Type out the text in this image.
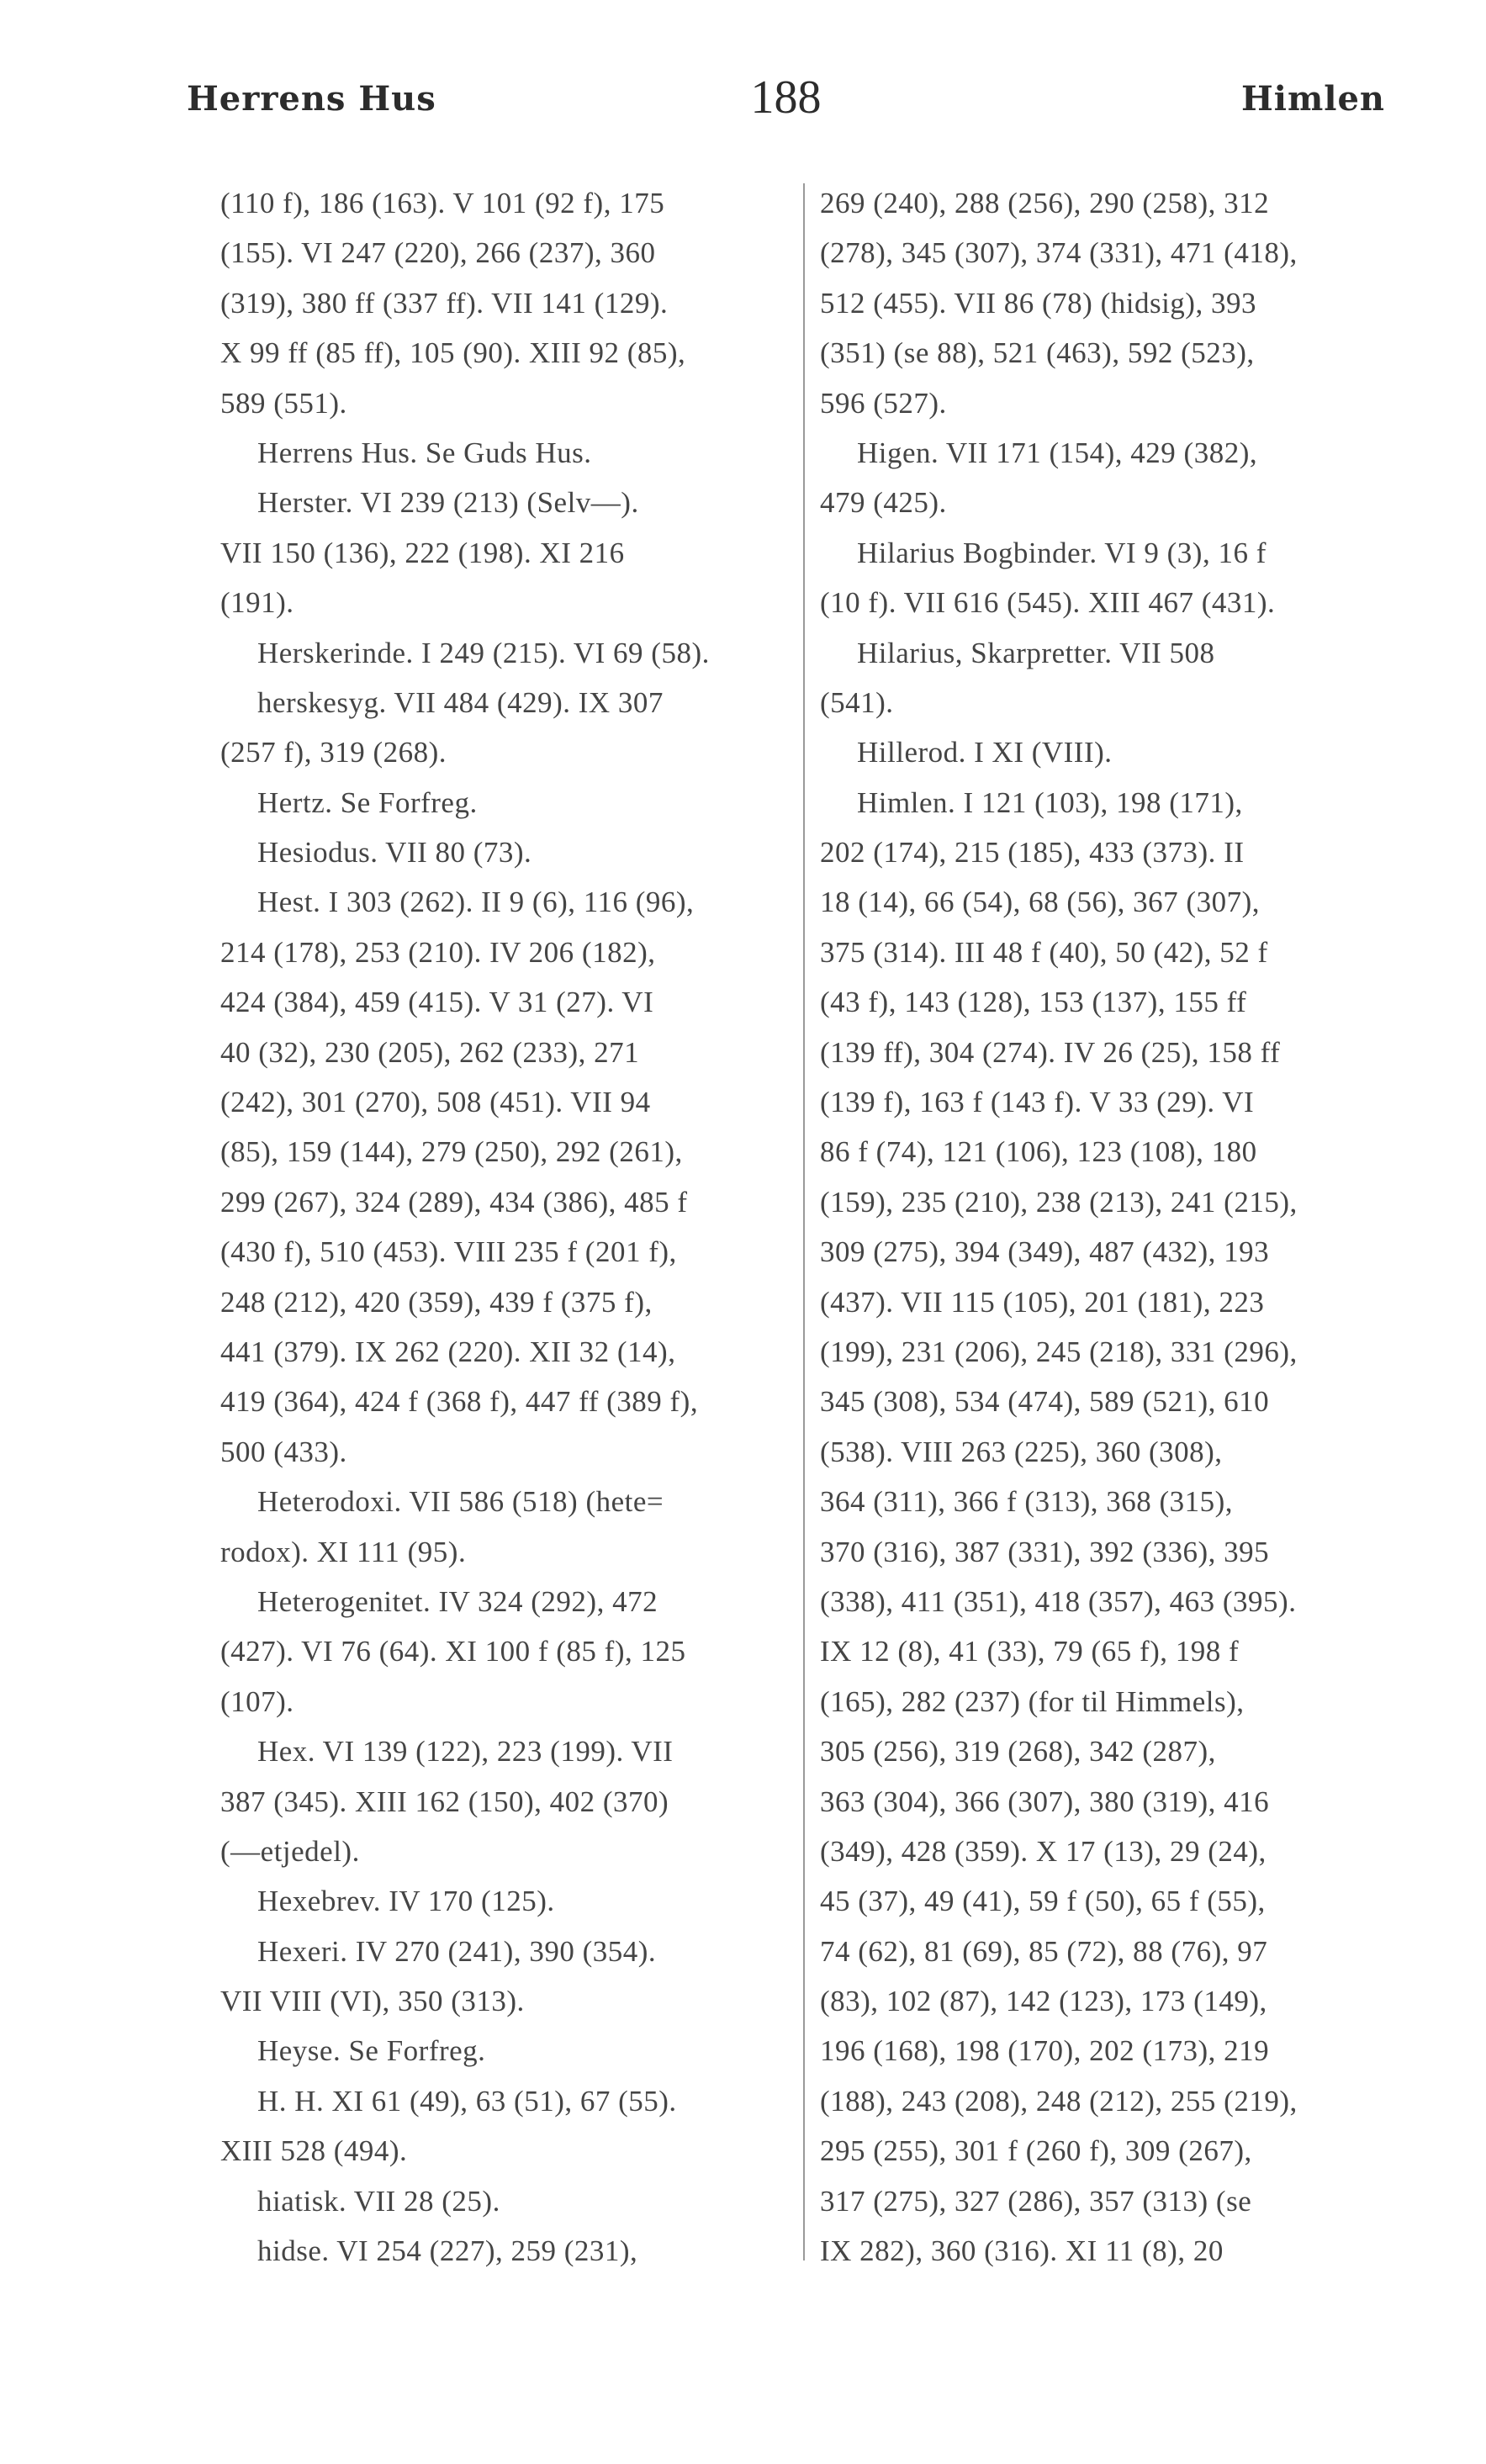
Herrens Hus	188	Himlen
(110 f), 186 (163). V 101 (92 f), 175
(155). VI 247 (220), 266 (237), 360
(319), 380 ff (337 ff). VII 141 (129).
X 99 ff (85 ff), 105 (90). XIII 92 (85),
589 (551).
Herrens Hus. Se Guds Hus.
Herster. VI 239 (213) (Selv—).
VII 150 (136), 222 (198). XI 216
(191).
Herskerinde. I 249 (215). VI 69 (58).
herskesyg. VII 484 (429). IX 307
(257 f), 319 (268).
Hertz. Se Forfreg.
Hesiodus. VII 80 (73).
Hest. I 303 (262). II 9 (6), 116 (96),
214 (178), 253 (210). IV 206 (182),
424 (384), 459 (415). V 31 (27). VI
40 (32), 230 (205), 262 (233), 271
(242), 301 (270), 508 (451). VII 94
(85), 159 (144), 279 (250), 292 (261),
299 (267), 324 (289), 434 (386), 485 f
(430 f), 510 (453). VIII 235 f (201 f),
248 (212), 420 (359), 439 f (375 f),
441 (379). IX 262 (220). XII 32 (14),
419 (364), 424 f (368 f), 447 ff (389 f),
500 (433).
Heterodoxi. VII 586 (518) (hete=
rodox). XI 111 (95).
Heterogenitet. IV 324 (292), 472
(427). VI 76 (64). XI 100 f (85 f), 125
(107).
Hex. VI 139 (122), 223 (199). VII
387 (345). XIII 162 (150), 402 (370)
(—etjedel).
Hexebrev. IV 170 (125).
Hexeri. IV 270 (241), 390 (354).
VII VIII (VI), 350 (313).
Heyse. Se Forfreg.
H. H. XI 61 (49), 63 (51), 67 (55).
XIII 528 (494).
hiatisk. VII 28 (25).
hidse. VI 254 (227), 259 (231),
269 (240), 288 (256), 290 (258), 312
(278), 345 (307), 374 (331), 471 (418),
512 (455). VII 86 (78) (hidsig), 393
(351) (se 88), 521 (463), 592 (523),
596 (527).
Higen. VII 171 (154), 429 (382),
479 (425).
Hilarius Bogbinder. VI 9 (3), 16 f
(10 f). VII 616 (545). XIII 467 (431).
Hilarius, Skarpretter. VII 508
(541).
Hillerod. I XI (VIII).
Himlen. I 121 (103), 198 (171),
202 (174), 215 (185), 433 (373). II
18 (14), 66 (54), 68 (56), 367 (307),
375 (314). III 48 f (40), 50 (42), 52 f
(43 f), 143 (128), 153 (137), 155 ff
(139 ff), 304 (274). IV 26 (25), 158 ff
(139 f), 163 f (143 f). V 33 (29). VI
86 f (74), 121 (106), 123 (108), 180
(159), 235 (210), 238 (213), 241 (215),
309 (275), 394 (349), 487 (432), 193
(437). VII 115 (105), 201 (181), 223
(199), 231 (206), 245 (218), 331 (296),
345 (308), 534 (474), 589 (521), 610
(538). VIII 263 (225), 360 (308),
364 (311), 366 f (313), 368 (315),
370 (316), 387 (331), 392 (336), 395
(338), 411 (351), 418 (357), 463 (395).
IX 12 (8), 41 (33), 79 (65 f), 198 f
(165), 282 (237) (for til Himmels),
305 (256), 319 (268), 342 (287),
363 (304), 366 (307), 380 (319), 416
(349), 428 (359). X 17 (13), 29 (24),
45 (37), 49 (41), 59 f (50), 65 f (55),
74 (62), 81 (69), 85 (72), 88 (76), 97
(83), 102 (87), 142 (123), 173 (149),
196 (168), 198 (170), 202 (173), 219
(188), 243 (208), 248 (212), 255 (219),
295 (255), 301 f (260 f), 309 (267),
317 (275), 327 (286), 357 (313) (se
IX 282), 360 (316). XI 11 (8), 20
